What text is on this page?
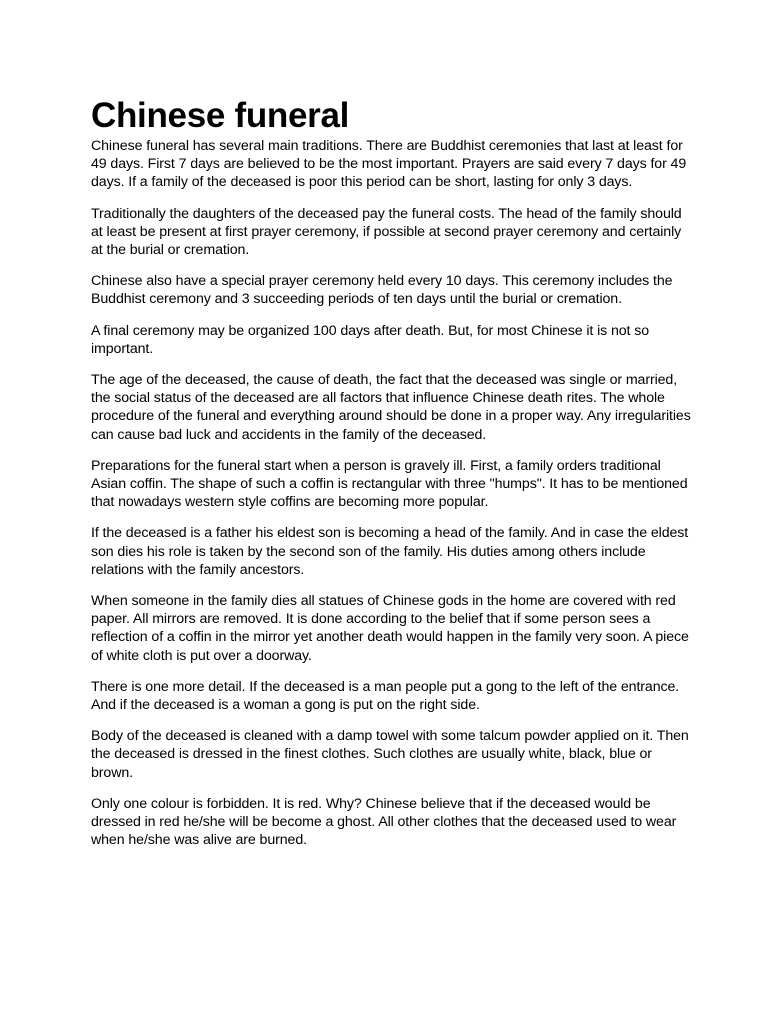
Chinese funeral

Chinese funeral has several main traditions. There are Buddhist ceremonies that last at least for 49 days. First 7 days are believed to be the most important. Prayers are said every 7 days for 49 days. If a family of the deceased is poor this period can be short, lasting for only 3 days.

Traditionally the daughters of the deceased pay the funeral costs. The head of the family should at least be present at first prayer ceremony, if possible at second prayer ceremony and certainly at the burial or cremation.

Chinese also have a special prayer ceremony held every 10 days. This ceremony includes the Buddhist ceremony and 3 succeeding periods of ten days until the burial or cremation.

A final ceremony may be organized 100 days after death. But, for most Chinese it is not so important.

The age of the deceased, the cause of death, the fact that the deceased was single or married, the social status of the deceased are all factors that influence Chinese death rites. The whole procedure of the funeral and everything around should be done in a proper way. Any irregularities can cause bad luck and accidents in the family of the deceased.

Preparations for the funeral start when a person is gravely ill. First, a family orders traditional Asian coffin. The shape of such a coffin is rectangular with three "humps". It has to be mentioned that nowadays western style coffins are becoming more popular.

If the deceased is a father his eldest son is becoming a head of the family. And in case the eldest son dies his role is taken by the second son of the family. His duties among others include relations with the family ancestors.

When someone in the family dies all statues of Chinese gods in the home are covered with red paper. All mirrors are removed. It is done according to the belief that if some person sees a reflection of a coffin in the mirror yet another death would happen in the family very soon. A piece of white cloth is put over a doorway.

There is one more detail. If the deceased is a man people put a gong to the left of the entrance. And if the deceased is a woman a gong is put on the right side.

Body of the deceased is cleaned with a damp towel with some talcum powder applied on it. Then the deceased is dressed in the finest clothes. Such clothes are usually white, black, blue or brown.

Only one colour is forbidden. It is red. Why? Chinese believe that if the deceased would be dressed in red he/she will be become a ghost. All other clothes that the deceased used to wear when he/she was alive are burned.
